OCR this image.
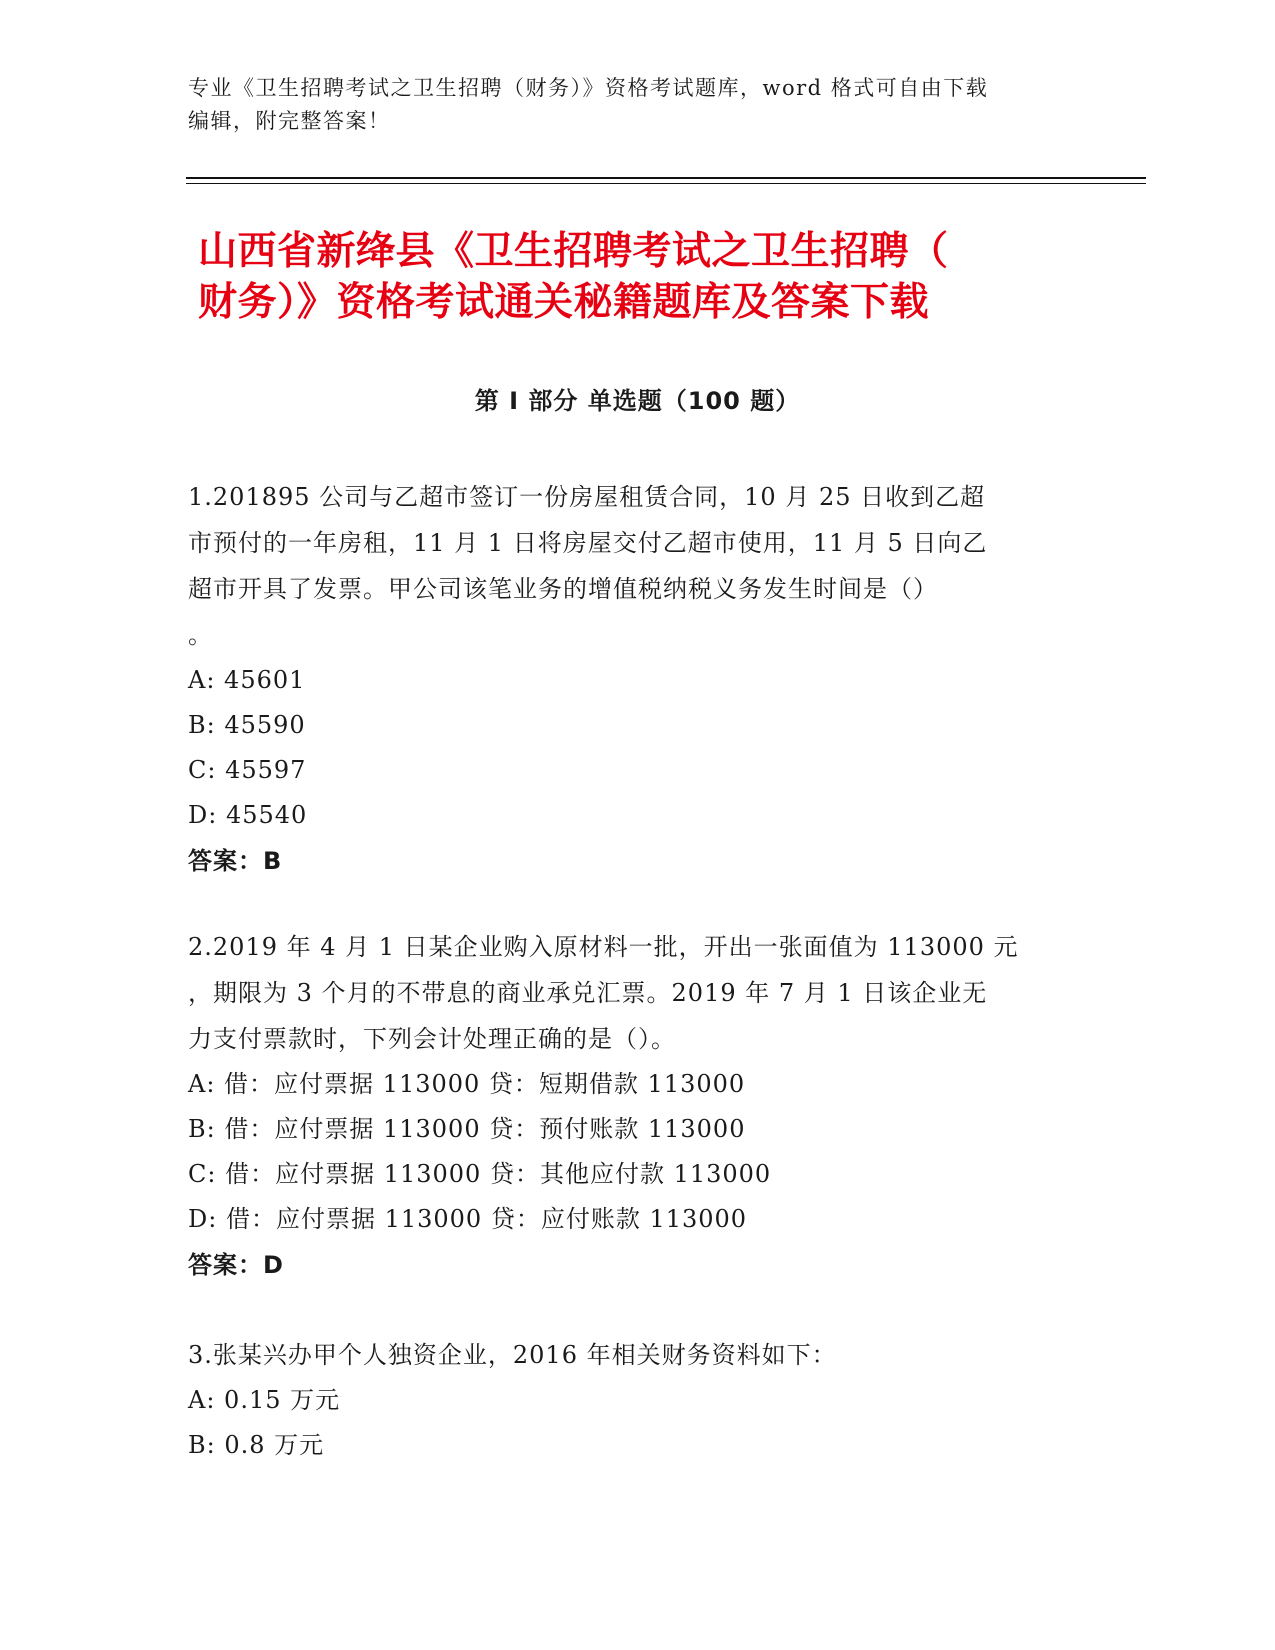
专业《卫生招聘考试之卫生招聘（财务）》资格考试题库，word 格式可自由下载
编辑，附完整答案！
山西省新绛县《卫生招聘考试之卫生招聘（
财务）》资格考试通关秘籍题库及答案下载
第 I 部分 单选题（100 题）
1.201895 公司与乙超市签订一份房屋租赁合同，10 月 25 日收到乙超
市预付的一年房租，11 月 1 日将房屋交付乙超市使用，11 月 5 日向乙
超市开具了发票。甲公司该笔业务的增值税纳税义务发生时间是（）
。
A: 45601
B: 45590
C: 45597
D: 45540
答案：B
2.2019 年 4 月 1 日某企业购入原材料一批，开出一张面值为 113000 元
，期限为 3 个月的不带息的商业承兑汇票。2019 年 7 月 1 日该企业无
力支付票款时，下列会计处理正确的是（）。
A: 借：应付票据 113000 贷：短期借款 113000
B: 借：应付票据 113000 贷：预付账款 113000
C: 借：应付票据 113000 贷：其他应付款 113000
D: 借：应付票据 113000 贷：应付账款 113000
答案：D
3.张某兴办甲个人独资企业，2016 年相关财务资料如下：
A: 0.15 万元
B: 0.8 万元
